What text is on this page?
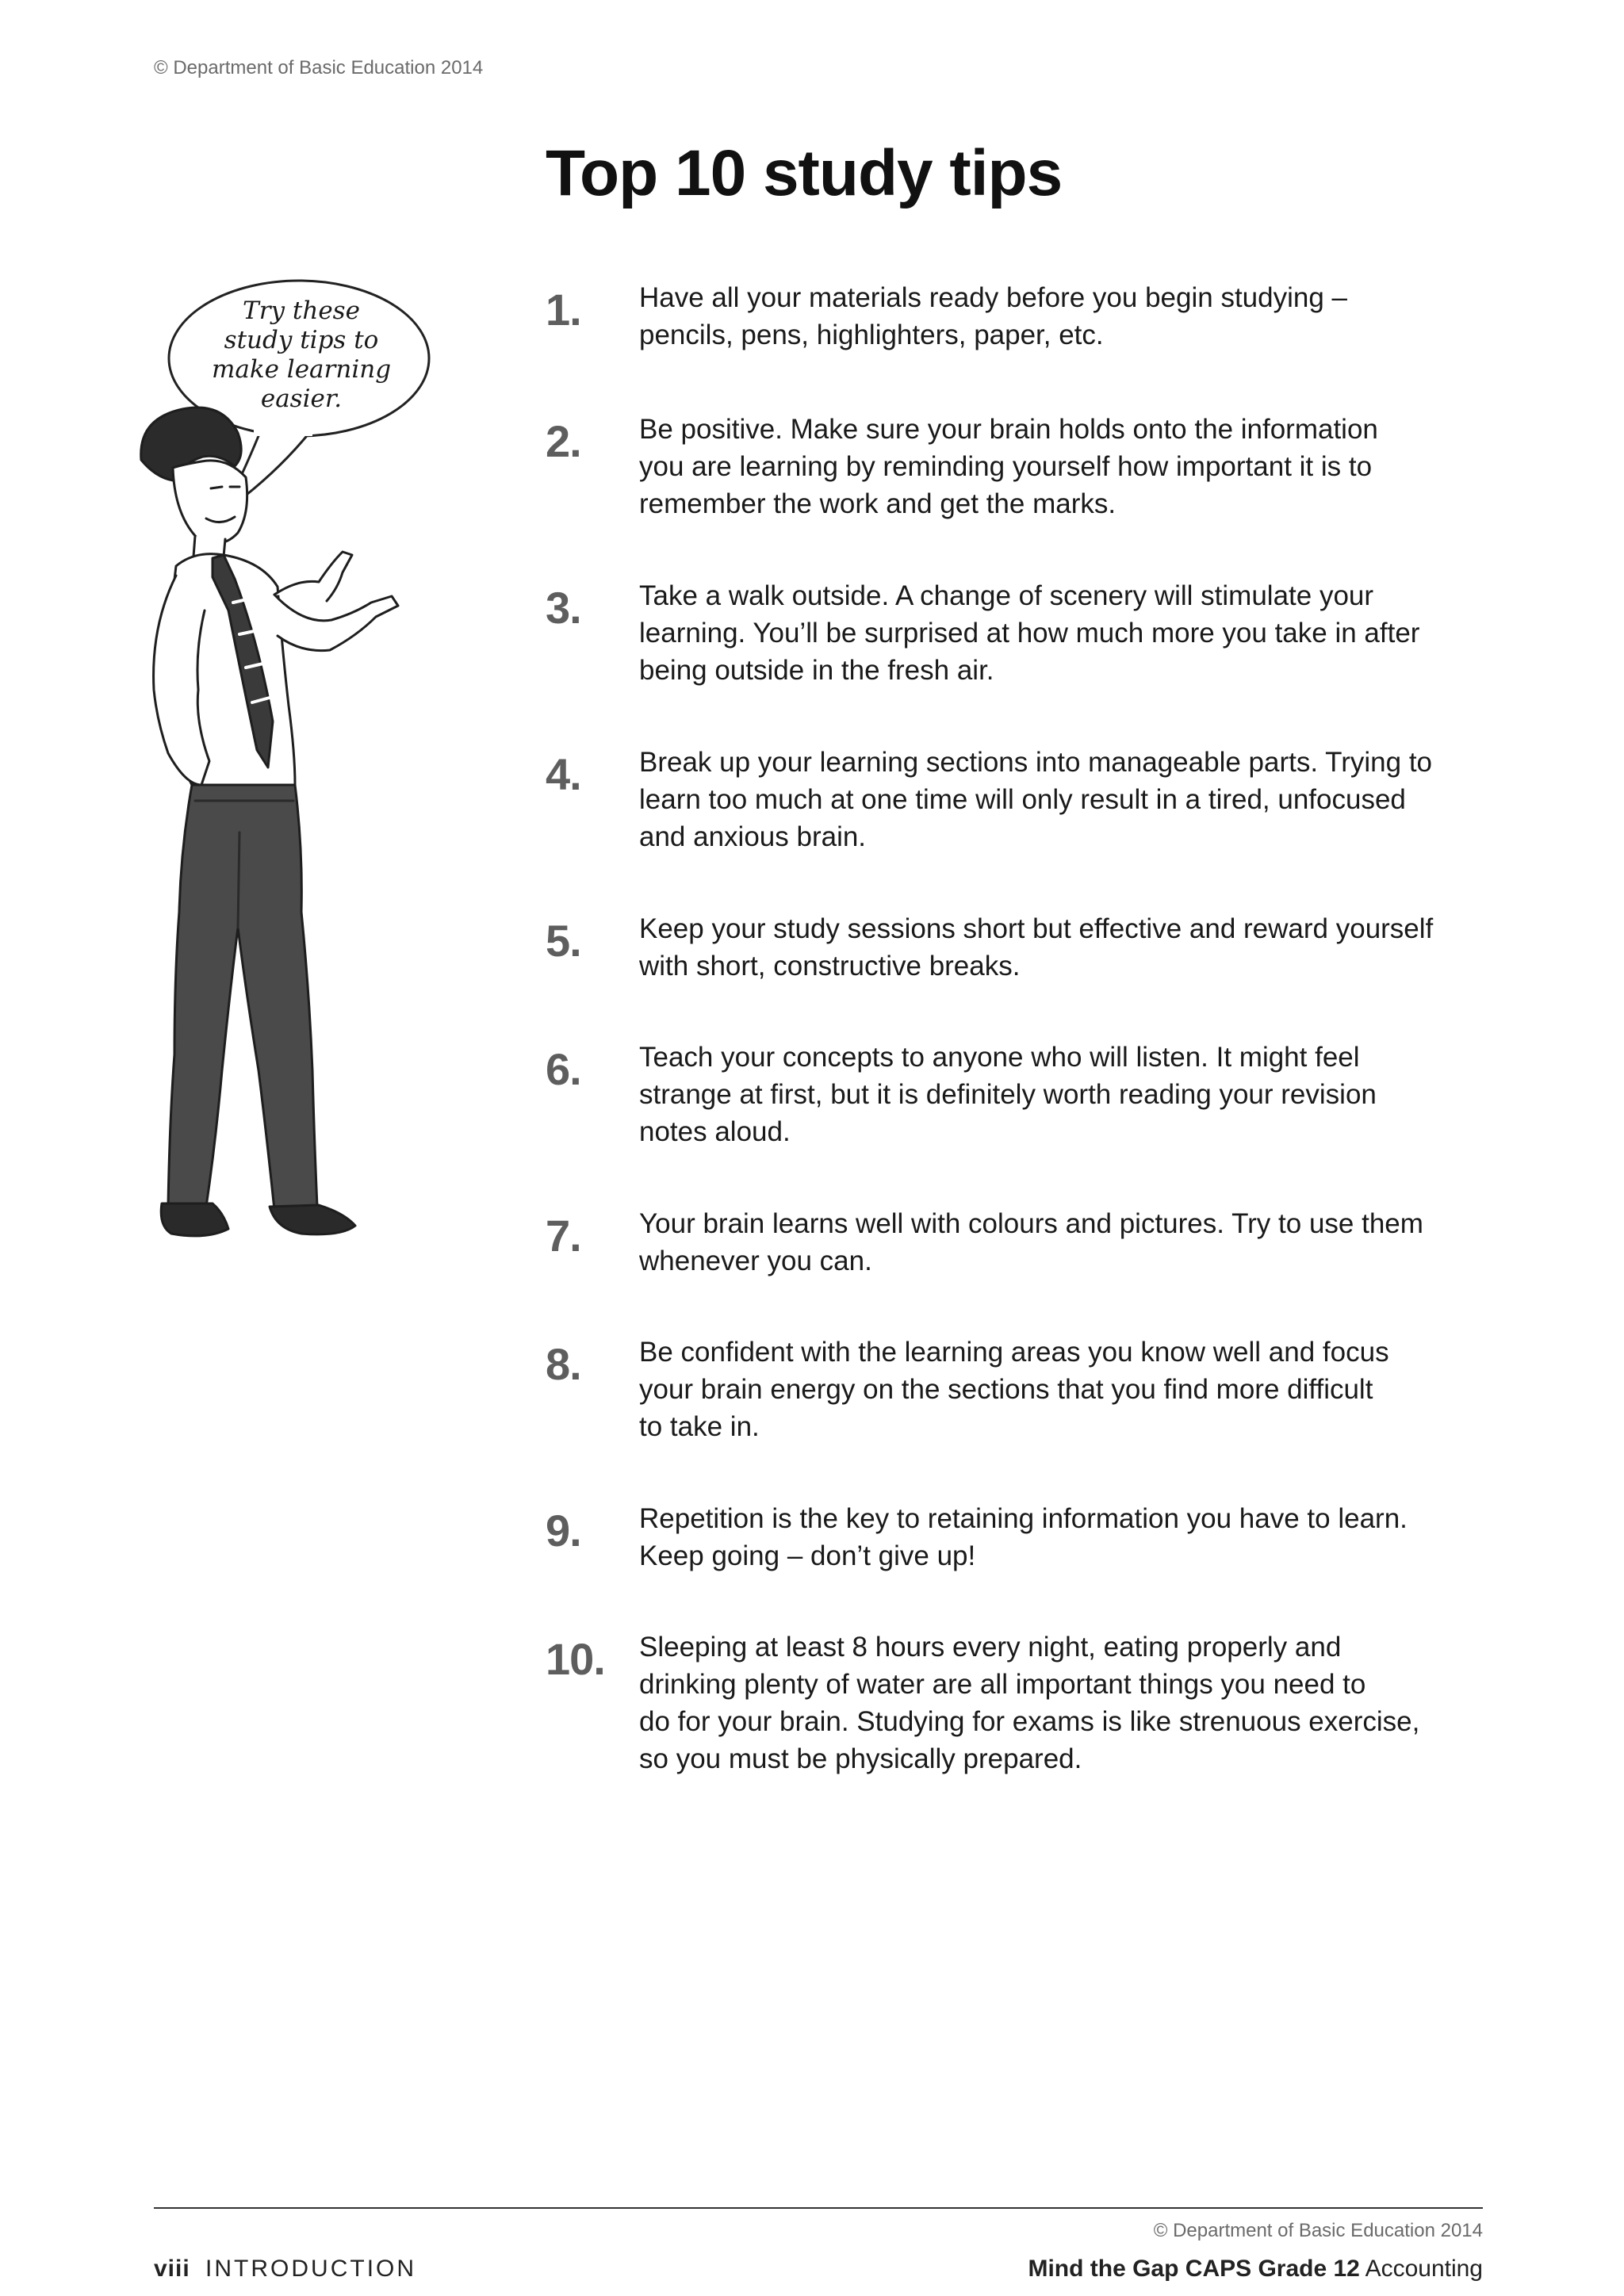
© Department of Basic Education 2014
Top 10 study tips
Try these
study tips to
make learning
easier.
1. Have all your materials ready before you begin studying –
pencils, pens, highlighters, paper, etc.
2. Be positive. Make sure your brain holds onto the information
you are learning by reminding yourself how important it is to
remember the work and get the marks.
3. Take a walk outside. A change of scenery will stimulate your
learning. You’ll be surprised at how much more you take in after
being outside in the fresh air.
4. Break up your learning sections into manageable parts. Trying to
learn too much at one time will only result in a tired, unfocused
and anxious brain.
5. Keep your study sessions short but effective and reward yourself
with short, constructive breaks.
6. Teach your concepts to anyone who will listen. It might feel
strange at first, but it is definitely worth reading your revision
notes aloud.
7. Your brain learns well with colours and pictures. Try to use them
whenever you can.
8. Be confident with the learning areas you know well and focus
your brain energy on the sections that you find more difficult
to take in.
9. Repetition is the key to retaining information you have to learn.
Keep going – don’t give up!
10. Sleeping at least 8 hours every night, eating properly and
drinking plenty of water are all important things you need to
do for your brain. Studying for exams is like strenuous exercise,
so you must be physically prepared.
© Department of Basic Education 2014
viii INTRODUCTION	Mind the Gap CAPS Grade 12 Accounting
